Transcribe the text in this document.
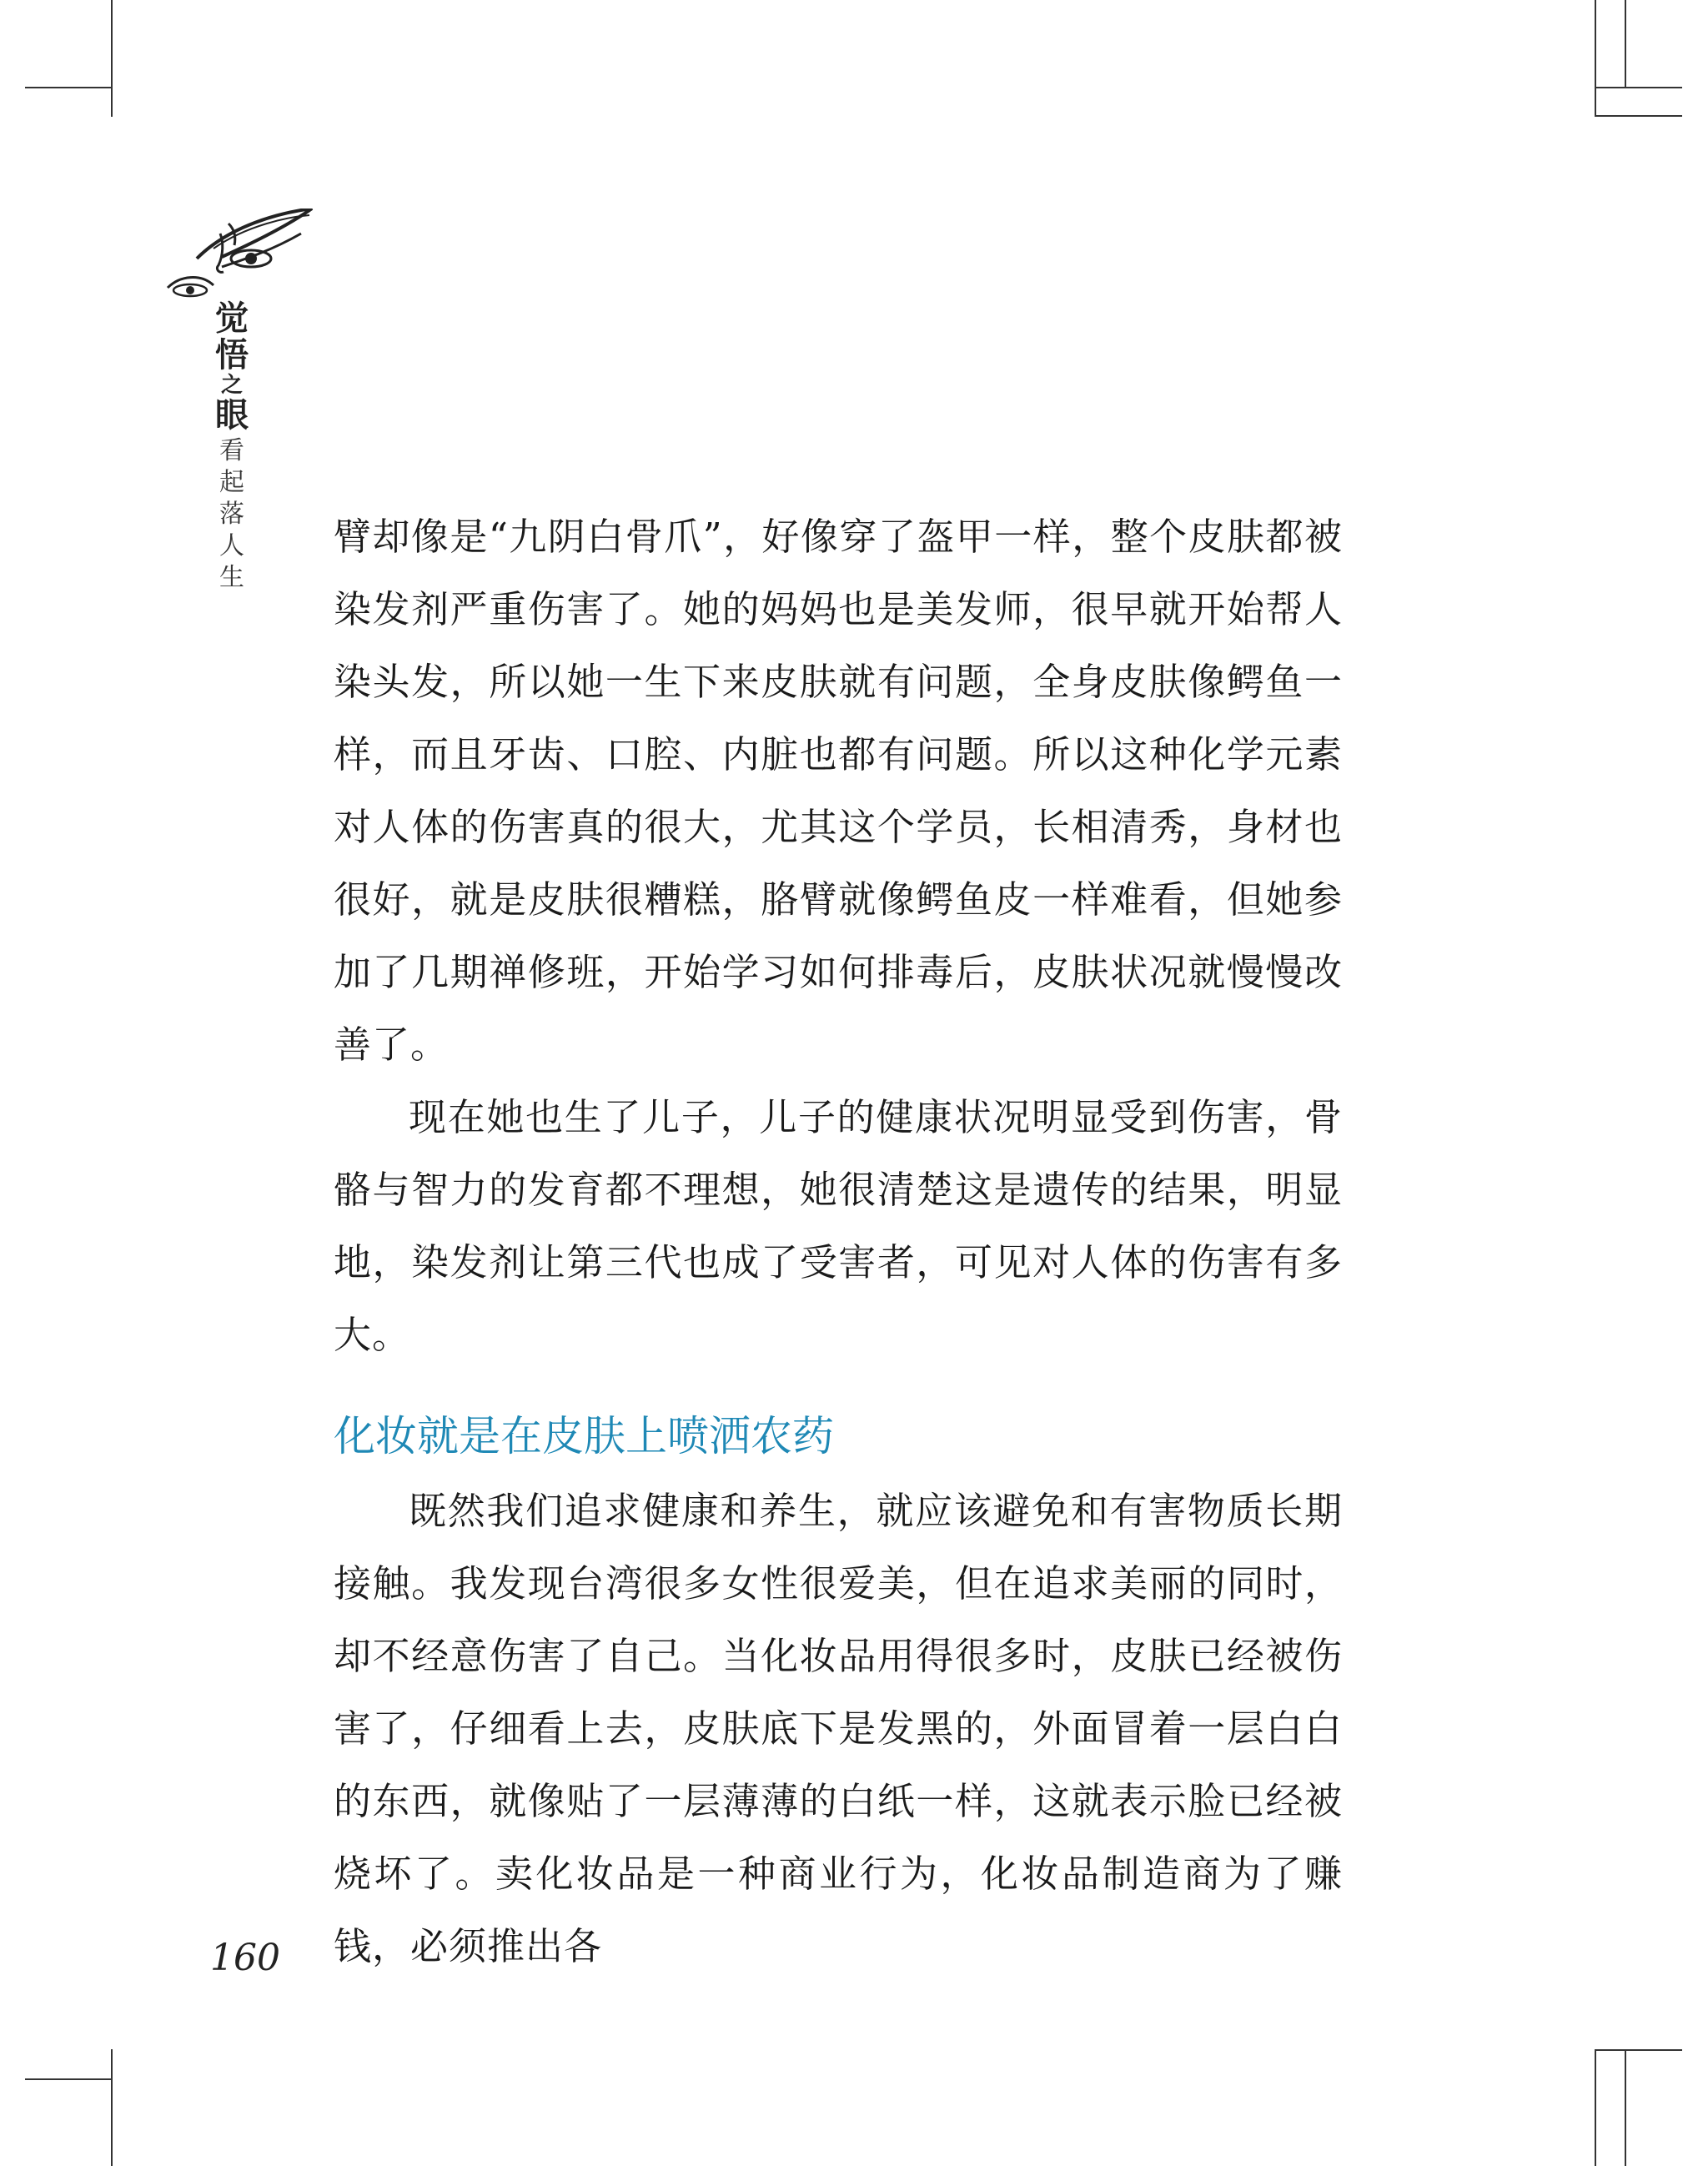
觉
悟
之
眼
看
起
落
人
生

臂却像是“九阴白骨爪”，好像穿了盔甲一样，整个皮肤都被染发剂严重伤害了。她的妈妈也是美发师，很早就开始帮人染头发，所以她一生下来皮肤就有问题，全身皮肤像鳄鱼一样，而且牙齿、口腔、内脏也都有问题。所以这种化学元素对人体的伤害真的很大，尤其这个学员，长相清秀，身材也很好，就是皮肤很糟糕，胳臂就像鳄鱼皮一样难看，但她参加了几期禅修班，开始学习如何排毒后，皮肤状况就慢慢改善了。

现在她也生了儿子，儿子的健康状况明显受到伤害，骨骼与智力的发育都不理想，她很清楚这是遗传的结果，明显地，染发剂让第三代也成了受害者，可见对人体的伤害有多大。

化妆就是在皮肤上喷洒农药

既然我们追求健康和养生，就应该避免和有害物质长期接触。我发现台湾很多女性很爱美，但在追求美丽的同时，却不经意伤害了自己。当化妆品用得很多时，皮肤已经被伤害了，仔细看上去，皮肤底下是发黑的，外面冒着一层白白的东西，就像贴了一层薄薄的白纸一样，这就表示脸已经被烧坏了。卖化妆品是一种商业行为，化妆品制造商为了赚钱，必须推出各

160
